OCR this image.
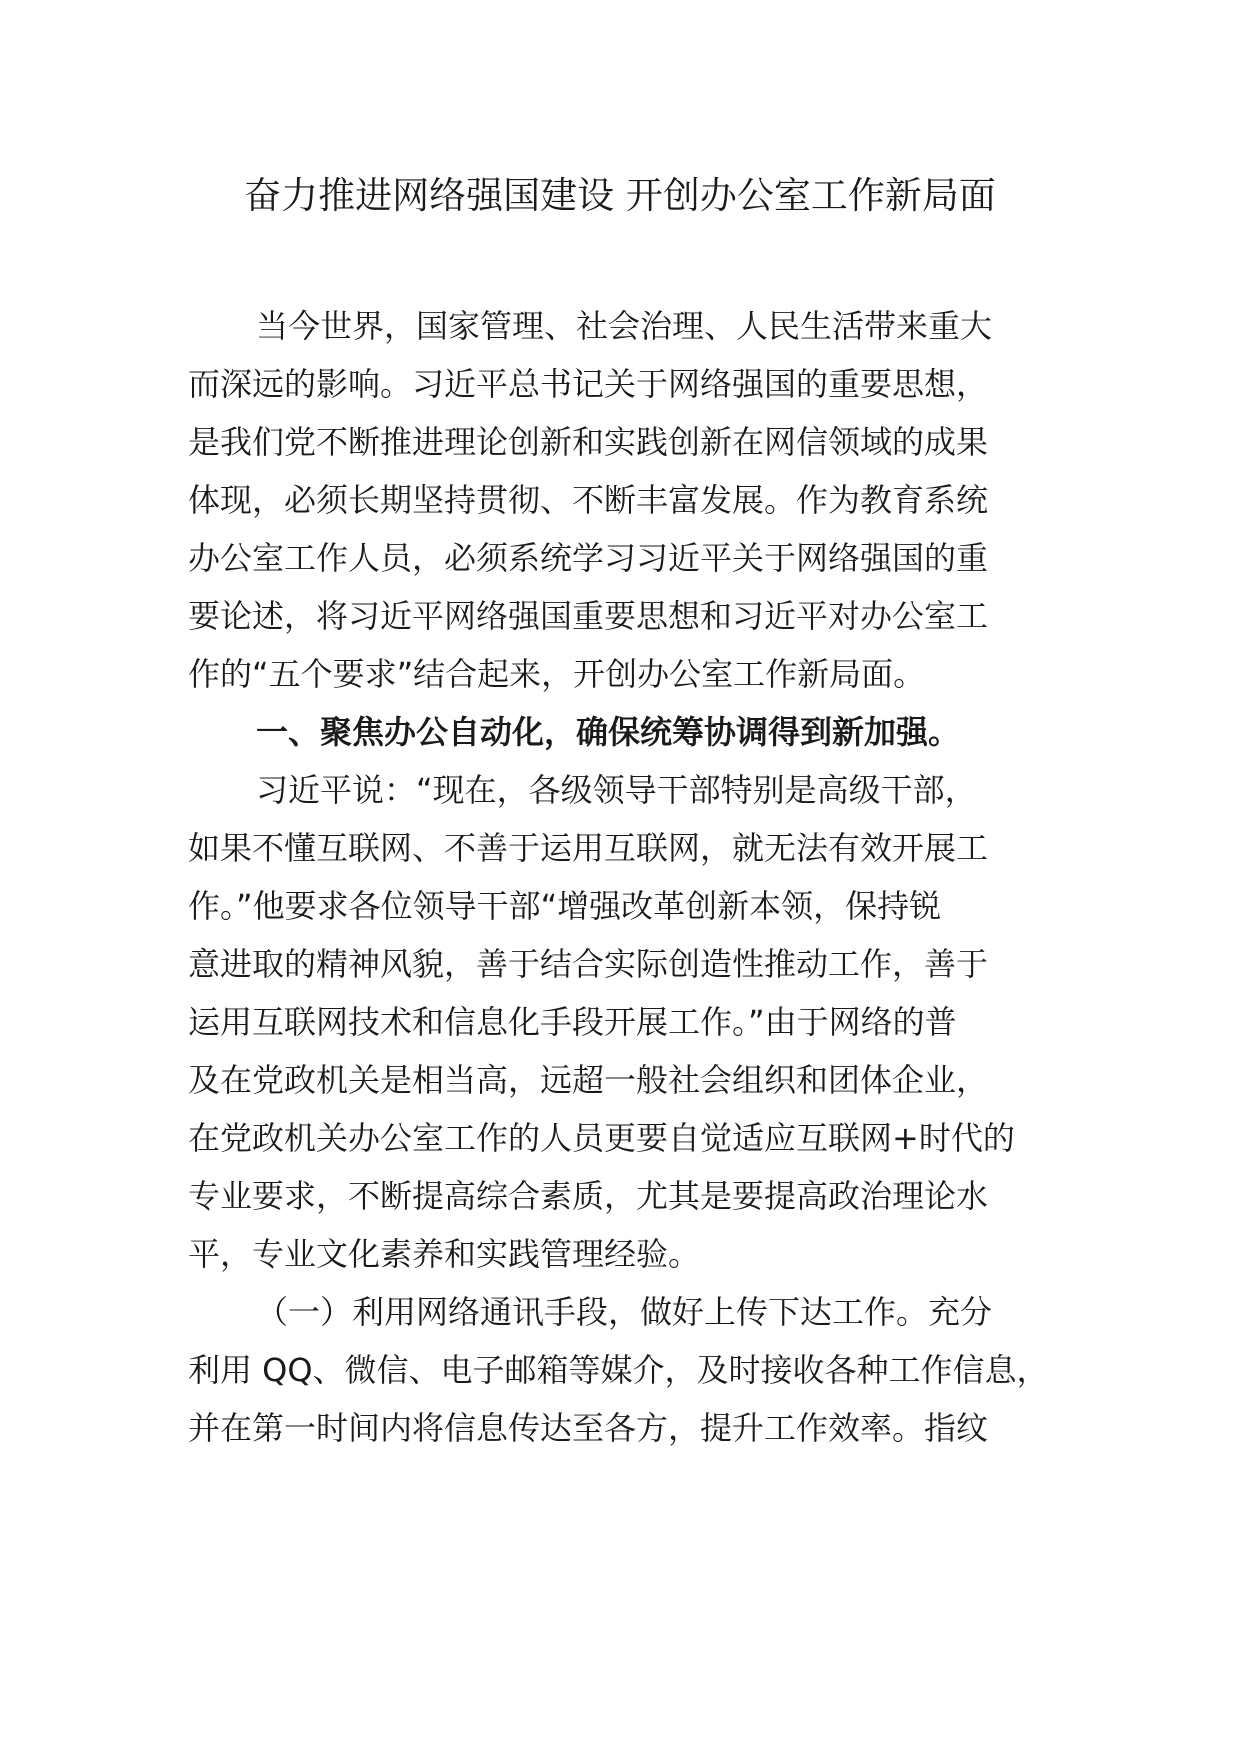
奋力推进网络强国建设 开创办公室工作新局面

当今世界，国家管理、社会治理、人民生活带来重大

而深远的影响。习近平总书记关于网络强国的重要思想，

是我们党不断推进理论创新和实践创新在网信领域的成果

体现，必须长期坚持贯彻、不断丰富发展。作为教育系统

办公室工作人员，必须系统学习习近平关于网络强国的重

要论述，将习近平网络强国重要思想和习近平对办公室工

作的“五个要求”结合起来，开创办公室工作新局面。

一、聚焦办公自动化，确保统筹协调得到新加强。

习近平说：“现在，各级领导干部特别是高级干部，

如果不懂互联网、不善于运用互联网，就无法有效开展工

作。”他要求各位领导干部“增强改革创新本领，保持锐

意进取的精神风貌，善于结合实际创造性推动工作，善于

运用互联网技术和信息化手段开展工作。”由于网络的普

及在党政机关是相当高，远超一般社会组织和团体企业，

在党政机关办公室工作的人员更要自觉适应互联网+时代的

专业要求，不断提高综合素质，尤其是要提高政治理论水

平，专业文化素养和实践管理经验。

（一）利用网络通讯手段，做好上传下达工作。充分

利用 QQ、微信、电子邮箱等媒介，及时接收各种工作信息，

并在第一时间内将信息传达至各方，提升工作效率。指纹
